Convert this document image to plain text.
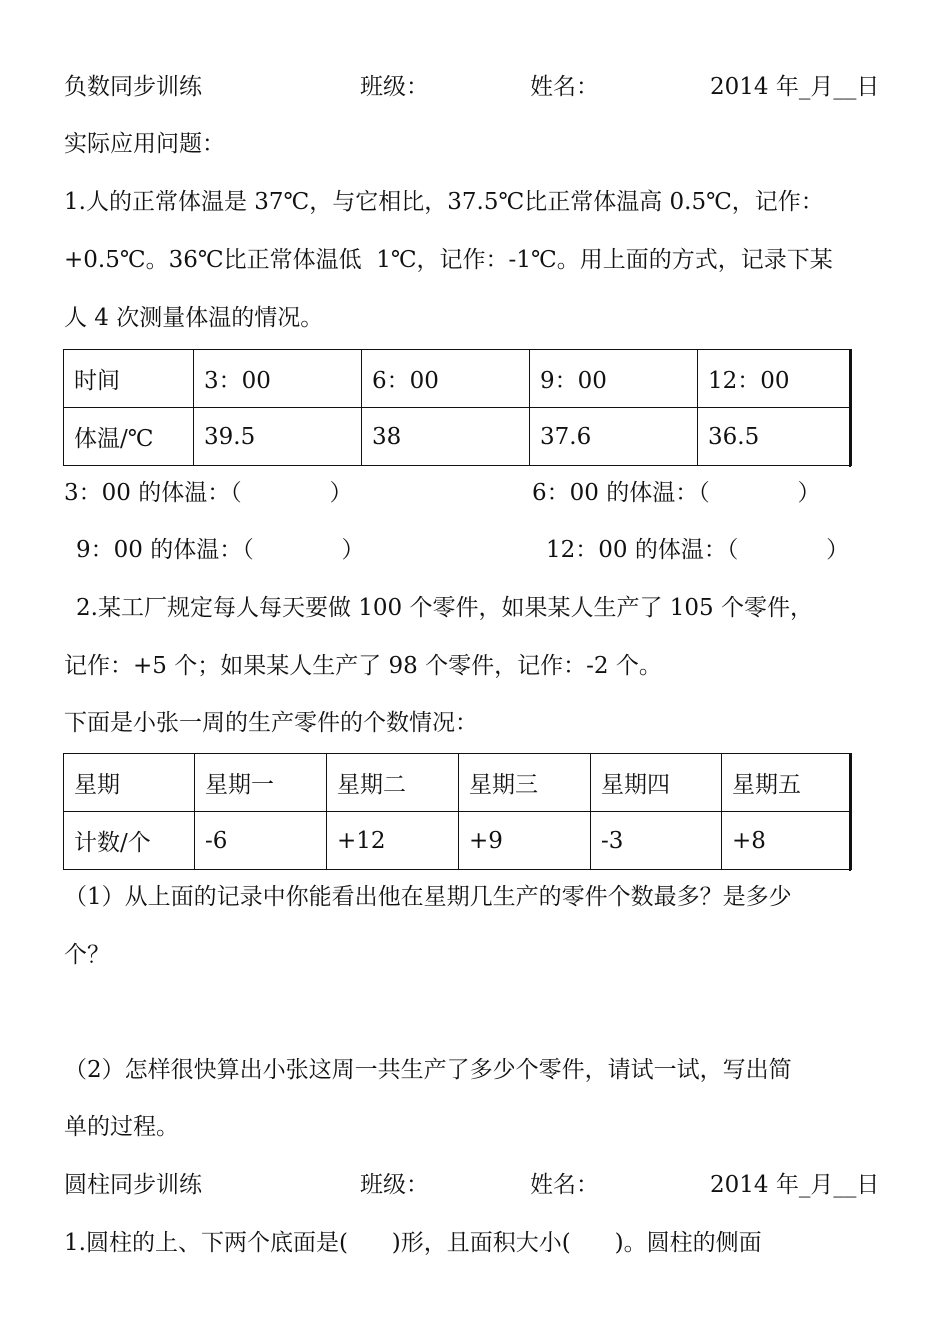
负数同步训练	班级：	姓名：	2014 年_月__日
实际应用问题：
1.人的正常体温是 37℃，与它相比，37.5℃比正常体温高 0.5℃，记作：
+0.5℃。36℃比正常体温低  1℃，记作：-1℃。用上面的方式，记录下某
人 4 次测量体温的情况。
时间	3：00	6：00	9：00	12：00
体温/℃	39.5	38	37.6	36.5
3：00 的体温：（            ）	6：00 的体温：（            ）
9：00 的体温：（            ）	12：00 的体温：（            ）
2.某工厂规定每人每天要做 100 个零件，如果某人生产了 105 个零件，
记作：+5 个；如果某人生产了 98 个零件，记作：-2 个。
下面是小张一周的生产零件的个数情况：
星期	星期一	星期二	星期三	星期四	星期五
计数/个	-6	+12	+9	-3	+8
（1）从上面的记录中你能看出他在星期几生产的零件个数最多？是多少
个？
（2）怎样很快算出小张这周一共生产了多少个零件，请试一试，写出简
单的过程。
圆柱同步训练	班级：	姓名：	2014 年_月__日
1.圆柱的上、下两个底面是(      )形，且面积大小(      )。圆柱的侧面
